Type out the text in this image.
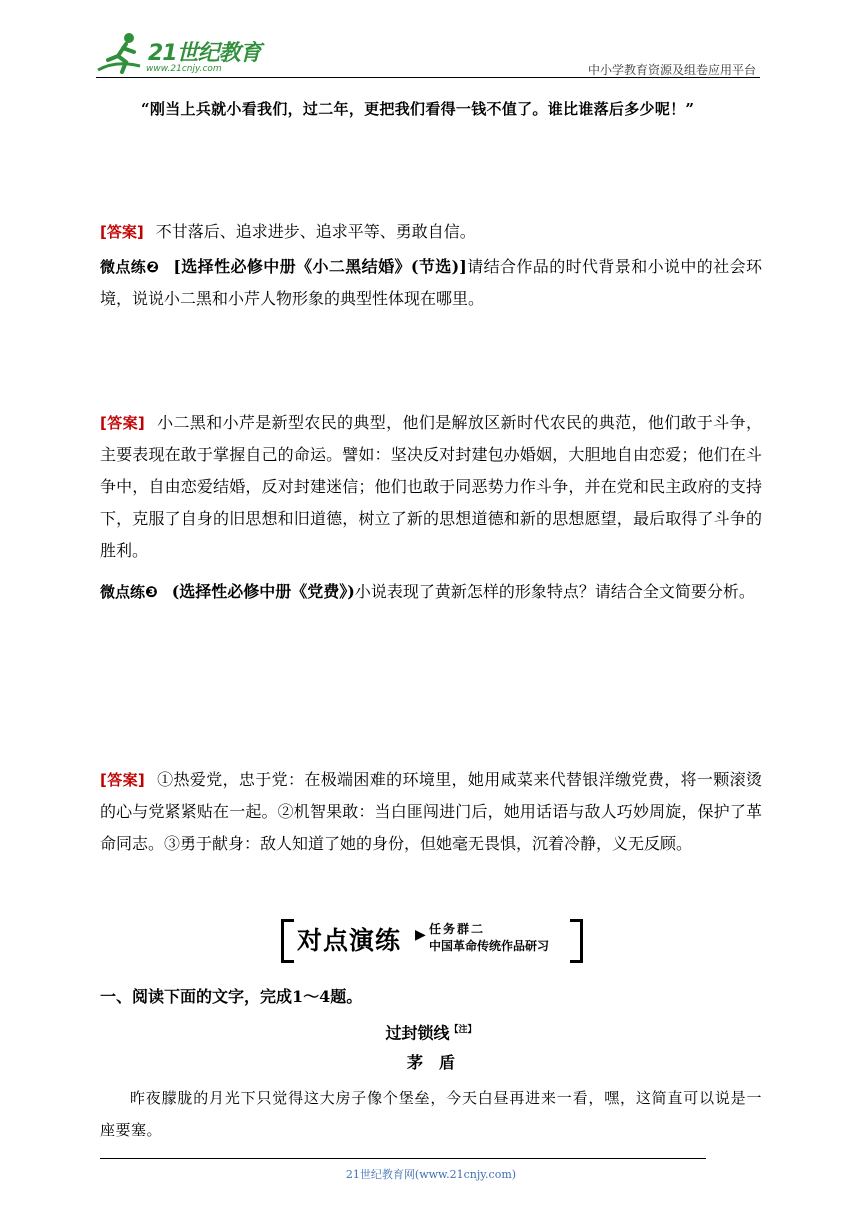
21世纪教育
www.21cnjy.com	中小学教育资源及组卷应用平台
“刚当上兵就小看我们，过二年，更把我们看得一钱不值了。谁比谁落后多少呢！”
[答案] 不甘落后、追求进步、追求平等、勇敢自信。
微点练❷ [选择性必修中册《小二黑结婚》(节选)]请结合作品的时代背景和小说中的社会环境，说说小二黑和小芹人物形象的典型性体现在哪里。
[答案] 小二黑和小芹是新型农民的典型，他们是解放区新时代农民的典范，他们敢于斗争，主要表现在敢于掌握自己的命运。譬如：坚决反对封建包办婚姻，大胆地自由恋爱；他们在斗争中，自由恋爱结婚，反对封建迷信；他们也敢于同恶势力作斗争，并在党和民主政府的支持下，克服了自身的旧思想和旧道德，树立了新的思想道德和新的思想愿望，最后取得了斗争的胜利。
微点练❸ (选择性必修中册《党费》)小说表现了黄新怎样的形象特点？请结合全文简要分析。
[答案] ①热爱党，忠于党：在极端困难的环境里，她用咸菜来代替银洋缴党费，将一颗滚烫的心与党紧紧贴在一起。②机智果敢：当白匪闯进门后，她用话语与敌人巧妙周旋，保护了革命同志。③勇于献身：敌人知道了她的身份，但她毫无畏惧，沉着冷静，义无反顾。
对点演练 ▶ 任务群二
中国革命传统作品研习
一、阅读下面的文字，完成1～4题。
过封锁线$^{【注】}$
茅　盾
昨夜朦胧的月光下只觉得这大房子像个堡垒，今天白昼再进来一看，嘿，这简直可以说是一座要塞。
21世纪教育网(www.21cnjy.com)
